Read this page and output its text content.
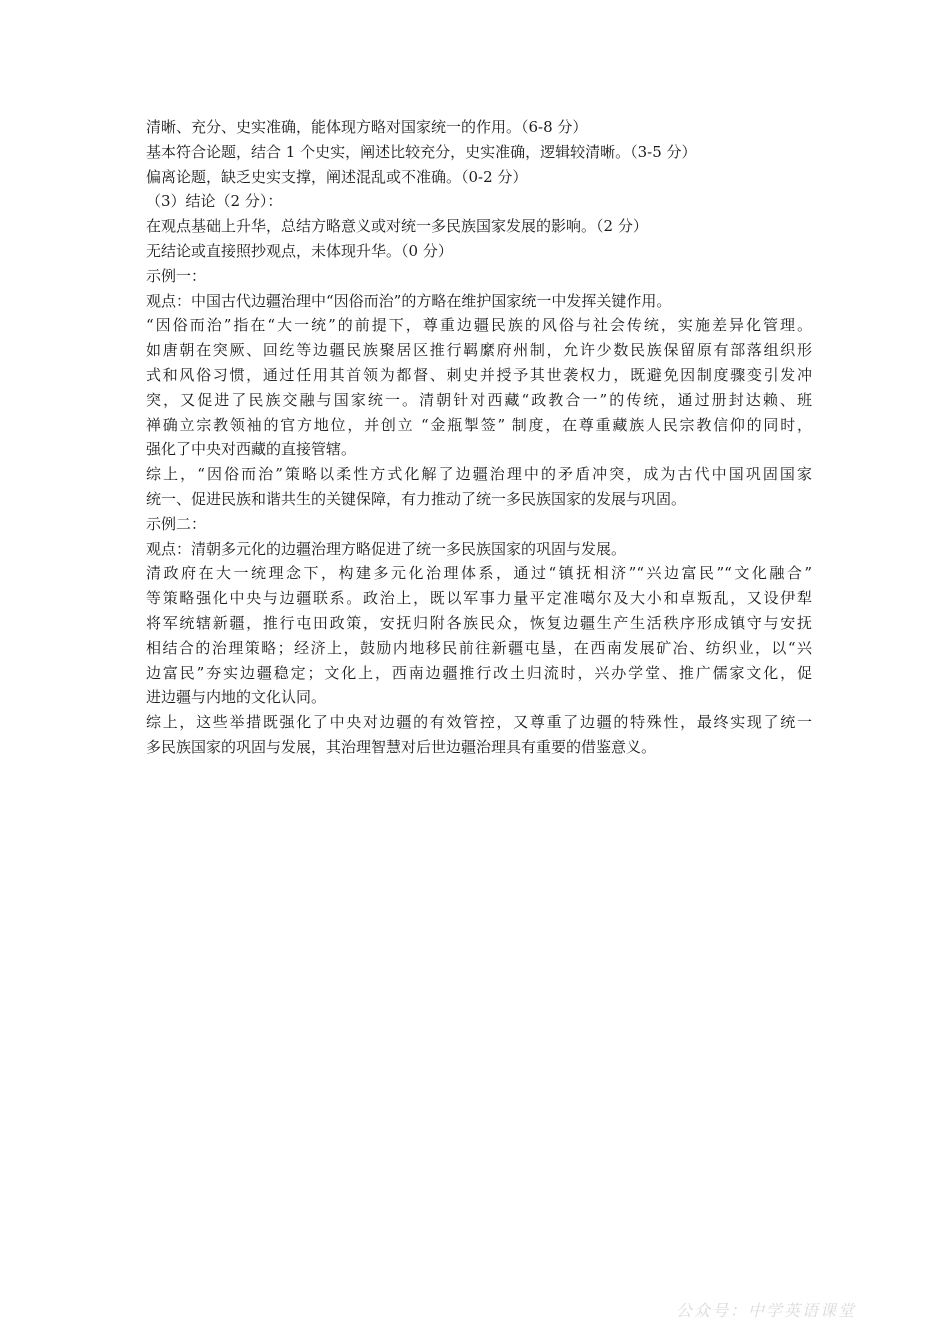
清晰、充分、史实准确，能体现方略对国家统一的作用。（6-8 分）
基本符合论题，结合 1 个史实，阐述比较充分，史实准确，逻辑较清晰。（3-5 分）
偏离论题，缺乏史实支撑，阐述混乱或不准确。（0-2 分）
（3）结论（2 分）：
在观点基础上升华，总结方略意义或对统一多民族国家发展的影响。（2 分）
无结论或直接照抄观点，未体现升华。（0 分）
示例一：
观点：中国古代边疆治理中“因俗而治”的方略在维护国家统一中发挥关键作用。
“因俗而治”指在“大一统”的前提下，尊重边疆民族的风俗与社会传统，实施差异化管理。
如唐朝在突厥、回纥等边疆民族聚居区推行羁縻府州制，允许少数民族保留原有部落组织形
式和风俗习惯，通过任用其首领为都督、刺史并授予其世袭权力，既避免因制度骤变引发冲
突，又促进了民族交融与国家统一。清朝针对西藏“政教合一”的传统，通过册封达赖、班
禅确立宗教领袖的官方地位，并创立 “金瓶掣签” 制度，在尊重藏族人民宗教信仰的同时，
强化了中央对西藏的直接管辖。
综上，“因俗而治”策略以柔性方式化解了边疆治理中的矛盾冲突，成为古代中国巩固国家
统一、促进民族和谐共生的关键保障，有力推动了统一多民族国家的发展与巩固。
示例二：
观点：清朝多元化的边疆治理方略促进了统一多民族国家的巩固与发展。
清政府在大一统理念下，构建多元化治理体系，通过“镇抚相济”“兴边富民”“文化融合”
等策略强化中央与边疆联系。政治上，既以军事力量平定准噶尔及大小和卓叛乱，又设伊犁
将军统辖新疆，推行屯田政策，安抚归附各族民众，恢复边疆生产生活秩序形成镇守与安抚
相结合的治理策略；经济上，鼓励内地移民前往新疆屯垦，在西南发展矿冶、纺织业，以“兴
边富民”夯实边疆稳定；文化上，西南边疆推行改土归流时，兴办学堂、推广儒家文化，促
进边疆与内地的文化认同。
综上，这些举措既强化了中央对边疆的有效管控，又尊重了边疆的特殊性，最终实现了统一
多民族国家的巩固与发展，其治理智慧对后世边疆治理具有重要的借鉴意义。
公众号：中学英语课堂
